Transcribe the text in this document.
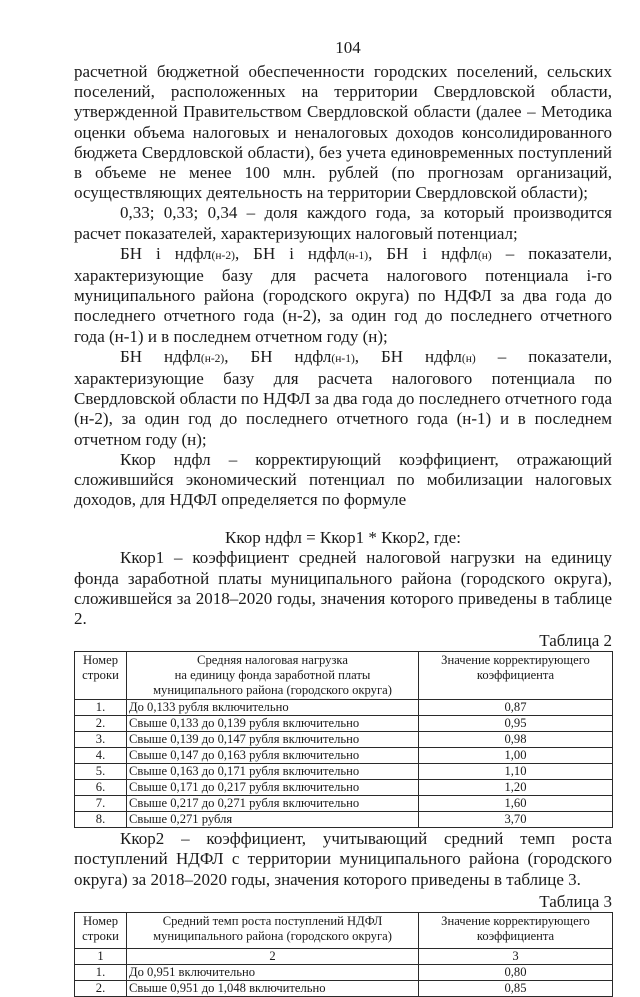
104

расчетной бюджетной обеспеченности городских поселений, сельских поселений, расположенных на территории Свердловской области, утвержденной Правительством Свердловской области (далее – Методика оценки объема налоговых и неналоговых доходов консолидированного бюджета Свердловской области), без учета единовременных поступлений в объеме не менее 100 млн. рублей (по прогнозам организаций, осуществляющих деятельность на территории Свердловской области);

0,33; 0,33; 0,34 – доля каждого года, за который производится расчет показателей, характеризующих налоговый потенциал;

БН i ндфл(н-2), БН i ндфл(н-1), БН i ндфл(н) – показатели, характеризующие базу для расчета налогового потенциала i-го муниципального района (городского округа) по НДФЛ за два года до последнего отчетного года (н-2), за один год до последнего отчетного года (н-1) и в последнем отчетном году (н);

БН ндфл(н-2), БН ндфл(н-1), БН ндфл(н) – показатели, характеризующие базу для расчета налогового потенциала по Свердловской области по НДФЛ за два года до последнего отчетного года (н-2), за один год до последнего отчетного года (н-1) и в последнем отчетном году (н);

Ккор ндфл – корректирующий коэффициент, отражающий сложившийся экономический потенциал по мобилизации налоговых доходов, для НДФЛ определяется по формуле

Ккор ндфл = Ккор1 * Ккор2, где:

Ккор1 – коэффициент средней налоговой нагрузки на единицу фонда заработной платы муниципального района (городского округа), сложившейся за 2018–2020 годы, значения которого приведены в таблице 2.

Таблица 2

Номер
строки	Средняя налоговая нагрузка
на единицу фонда заработной платы
муниципального района (городского округа)	Значение корректирующего
коэффициента
1.	До 0,133 рубля включительно	0,87
2.	Свыше 0,133 до 0,139 рубля включительно	0,95
3.	Свыше 0,139 до 0,147 рубля включительно	0,98
4.	Свыше 0,147 до 0,163 рубля включительно	1,00
5.	Свыше 0,163 до 0,171 рубля включительно	1,10
6.	Свыше 0,171 до 0,217 рубля включительно	1,20
7.	Свыше 0,217 до 0,271 рубля включительно	1,60
8.	Свыше 0,271 рубля	3,70

Ккор2 – коэффициент, учитывающий средний темп роста поступлений НДФЛ с территории муниципального района (городского округа) за 2018–2020 годы, значения которого приведены в таблице 3.

Таблица 3

Номер
строки	Средний темп роста поступлений НДФЛ
муниципального района (городского округа)	Значение корректирующего
коэффициента
1	2	3
1.	До 0,951 включительно	0,80
2.	Свыше 0,951 до 1,048 включительно	0,85
